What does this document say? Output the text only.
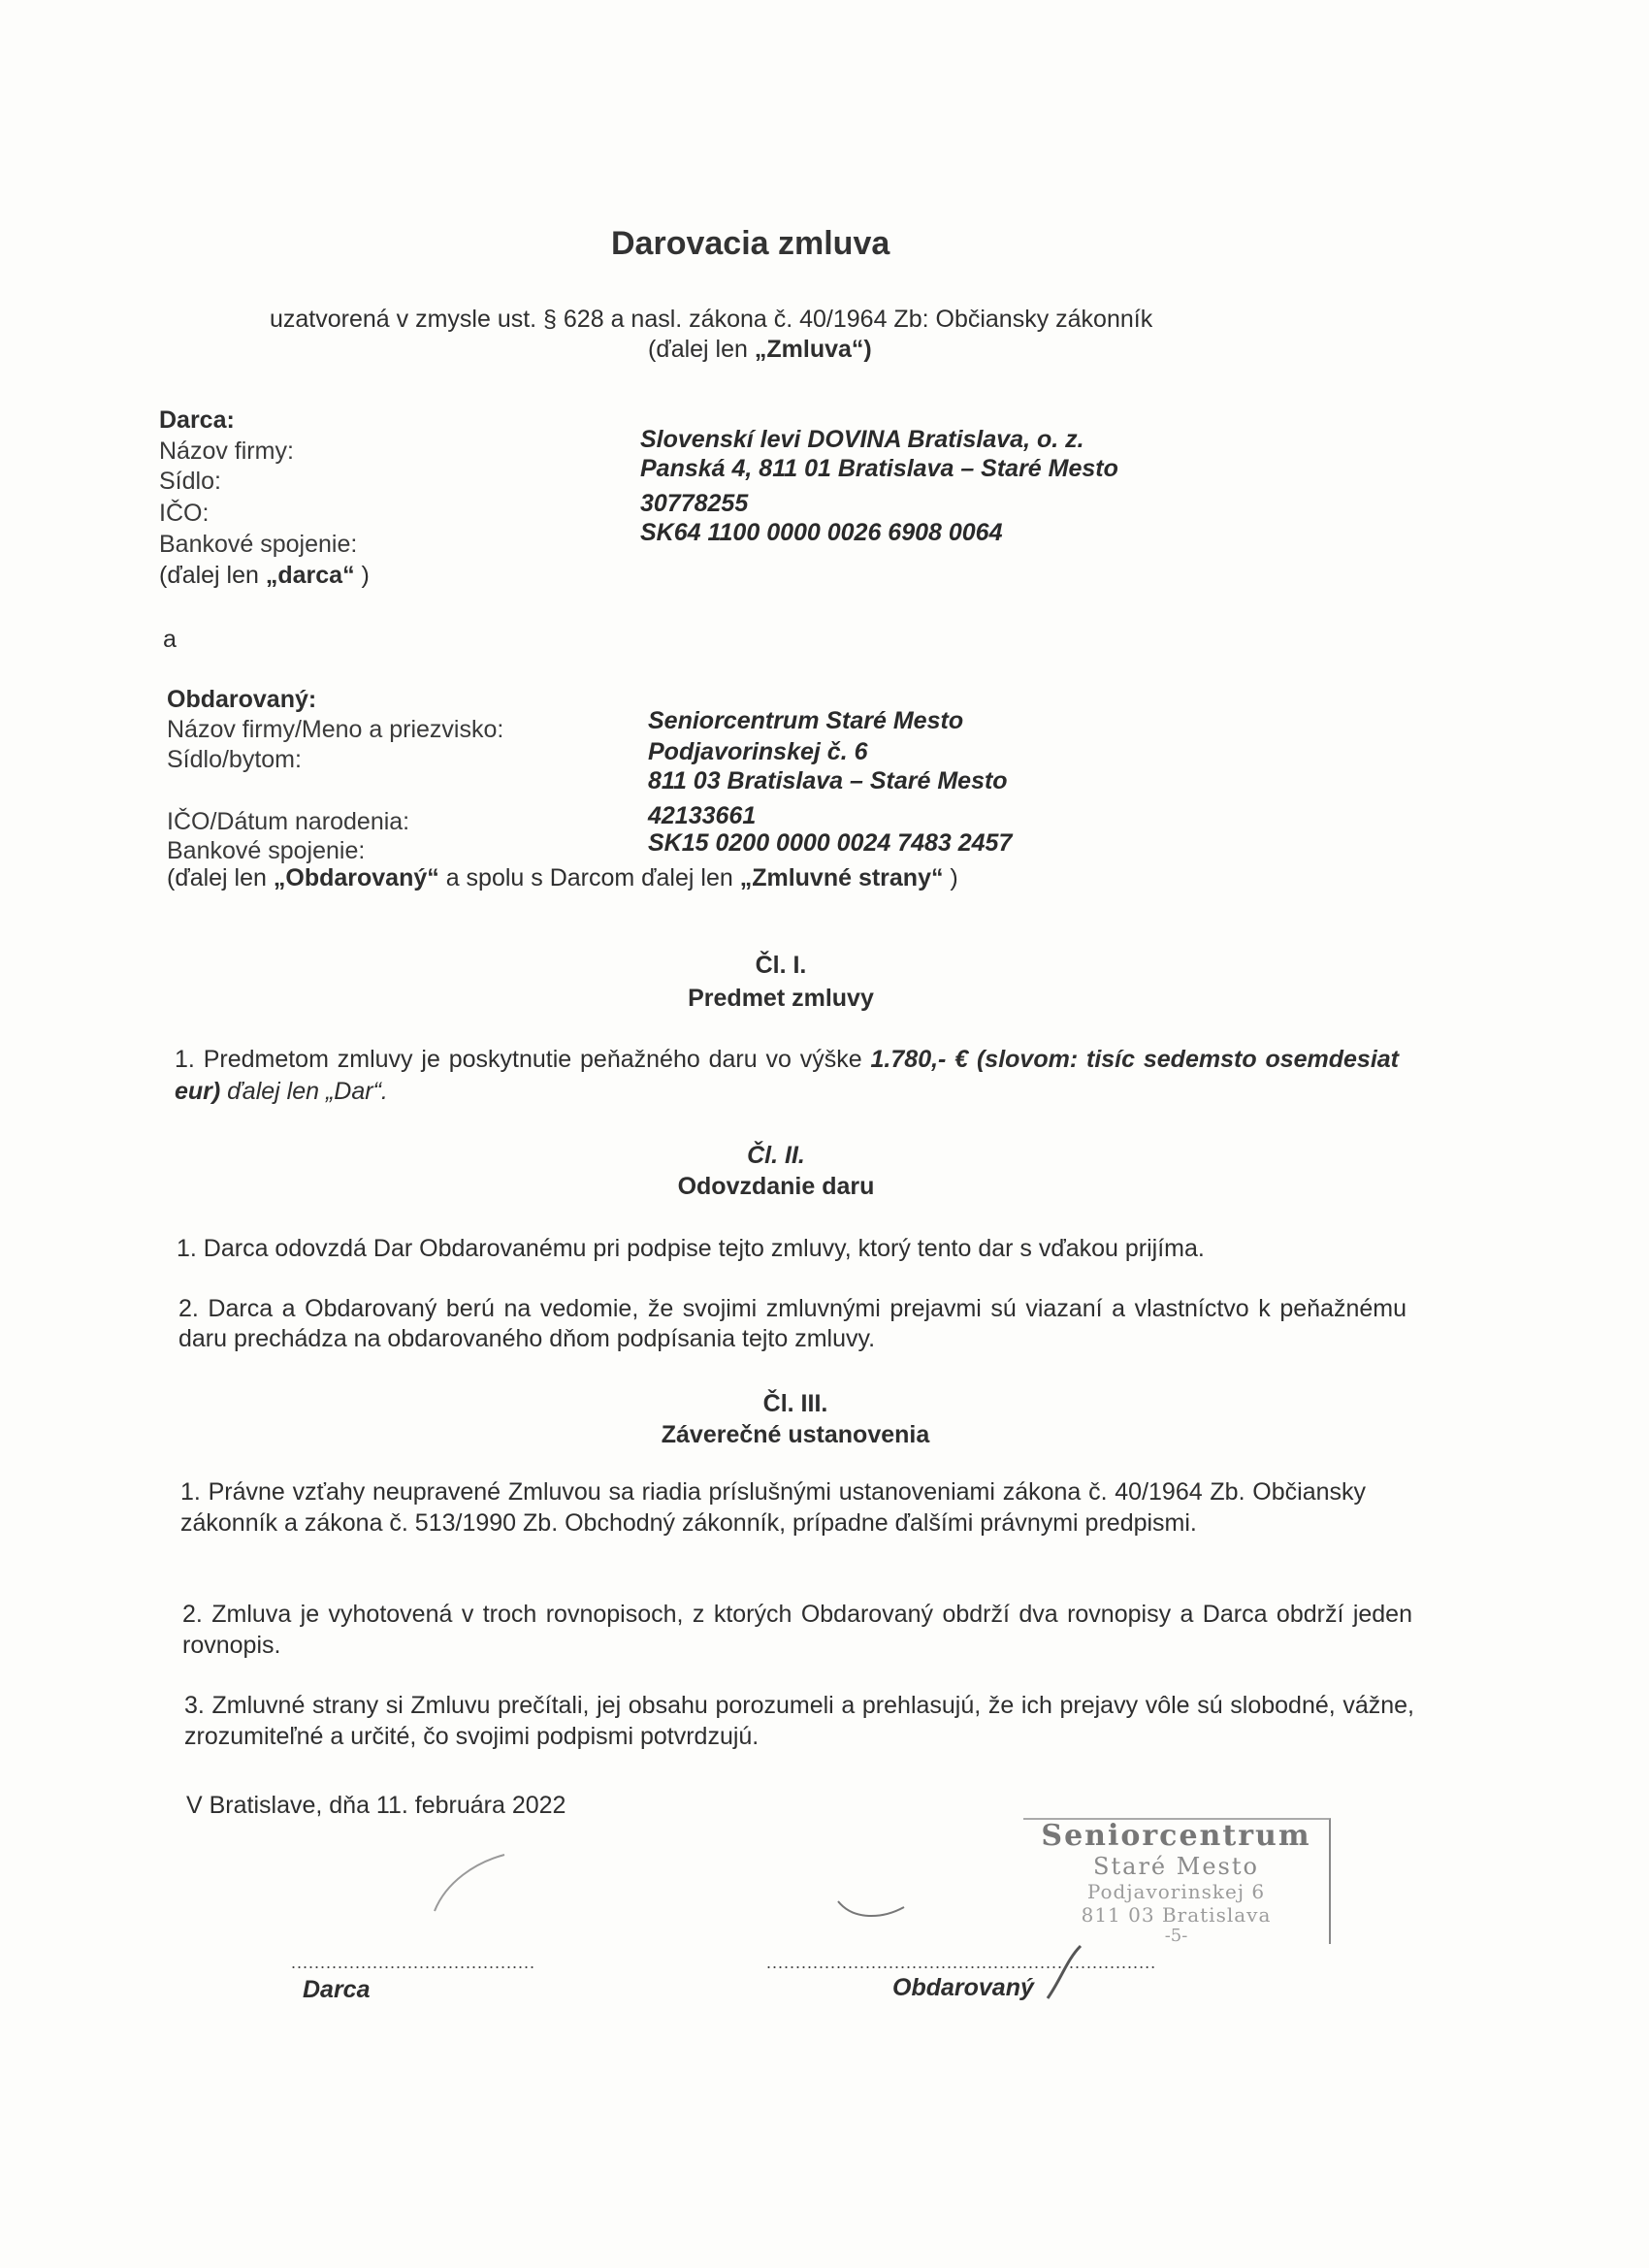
Darovacia zmluva
uzatvorená v zmysle ust. § 628 a nasl. zákona č. 40/1964 Zb: Občiansky zákonník
(ďalej len „Zmluva“)
Darca:
Názov firmy:
Sídlo:
IČO:
Bankové spojenie:
(ďalej len „darca“ )
Slovenskí levi DOVINA Bratislava, o. z.
Panská 4, 811 01 Bratislava – Staré Mesto
30778255
SK64 1100 0000 0026 6908 0064
a
Obdarovaný:
Názov firmy/Meno a priezvisko:
Sídlo/bytom:
IČO/Dátum narodenia:
Bankové spojenie:
Seniorcentrum Staré Mesto
Podjavorinskej č. 6
811 03 Bratislava – Staré Mesto
42133661
SK15 0200 0000 0024 7483 2457
(ďalej len „Obdarovaný“ a spolu s Darcom ďalej len „Zmluvné strany“ )
Čl. I.
Predmet zmluvy
1. Predmetom zmluvy je poskytnutie peňažného daru vo výške 1.780,- € (slovom: tisíc sedemsto osemdesiat eur) ďalej len „Dar“.
Čl. II.
Odovzdanie daru
1. Darca odovzdá Dar Obdarovanému pri podpise tejto zmluvy, ktorý tento dar s vďakou prijíma.
2. Darca a Obdarovaný berú na vedomie, že svojimi zmluvnými prejavmi sú viazaní a vlastníctvo k peňažnému daru prechádza na obdarovaného dňom podpísania tejto zmluvy.
Čl. III.
Záverečné ustanovenia
1. Právne vzťahy neupravené Zmluvou sa riadia príslušnými ustanoveniami zákona č. 40/1964 Zb. Občiansky zákonník a zákona č. 513/1990 Zb. Obchodný zákonník, prípadne ďalšími právnymi predpismi.
2. Zmluva je vyhotovená v troch rovnopisoch, z ktorých Obdarovaný obdrží dva rovnopisy a Darca obdrží jeden rovnopis.
3. Zmluvné strany si Zmluvu prečítali, jej obsahu porozumeli a prehlasujú, že ich prejavy vôle sú slobodné, vážne, zrozumiteľné a určité, čo svojimi podpismi potvrdzujú.
V Bratislave, dňa 11. februára 2022
..........................................
Darca
...................................................................
Obdarovaný
Seniorcentrum
Staré Mesto
Podjavorinskej 6
811 03 Bratislava
-5-
